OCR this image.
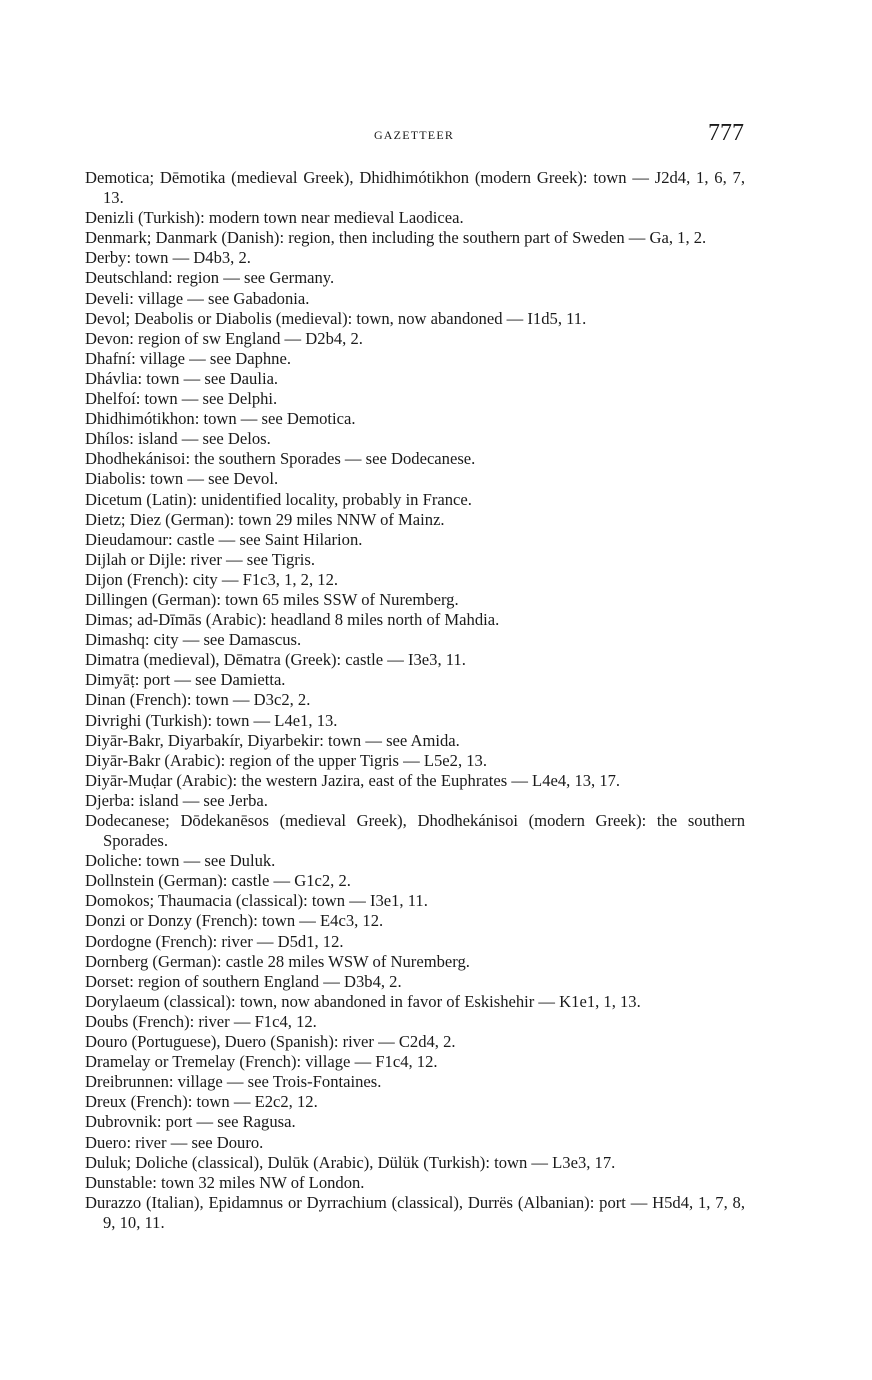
GAZETTEER	777
Demotica; Dēmotika (medieval Greek), Dhidhimótikhon (modern Greek): town — J2d4, 1, 6, 7, 13.
Denizli (Turkish): modern town near medieval Laodicea.
Denmark; Danmark (Danish): region, then including the southern part of Sweden — Ga, 1, 2.
Derby: town — D4b3, 2.
Deutschland: region — see Germany.
Develi: village — see Gabadonia.
Devol; Deabolis or Diabolis (medieval): town, now abandoned — I1d5, 11.
Devon: region of sw England — D2b4, 2.
Dhafní: village — see Daphne.
Dhávlia: town — see Daulia.
Dhelfoí: town — see Delphi.
Dhidhimótikhon: town — see Demotica.
Dhílos: island — see Delos.
Dhodhekánisoi: the southern Sporades — see Dodecanese.
Diabolis: town — see Devol.
Dicetum (Latin): unidentified locality, probably in France.
Dietz; Diez (German): town 29 miles NNW of Mainz.
Dieudamour: castle — see Saint Hilarion.
Dijlah or Dijle: river — see Tigris.
Dijon (French): city — F1c3, 1, 2, 12.
Dillingen (German): town 65 miles SSW of Nuremberg.
Dimas; ad-Dīmās (Arabic): headland 8 miles north of Mahdia.
Dimashq: city — see Damascus.
Dimatra (medieval), Dēmatra (Greek): castle — I3e3, 11.
Dimyāṭ: port — see Damietta.
Dinan (French): town — D3c2, 2.
Divrighi (Turkish): town — L4e1, 13.
Diyār-Bakr, Diyarbakír, Diyarbekir: town — see Amida.
Diyār-Bakr (Arabic): region of the upper Tigris — L5e2, 13.
Diyār-Muḍar (Arabic): the western Jazira, east of the Euphrates — L4e4, 13, 17.
Djerba: island — see Jerba.
Dodecanese; Dōdekanēsos (medieval Greek), Dhodhekánisoi (modern Greek): the southern Sporades.
Doliche: town — see Duluk.
Dollnstein (German): castle — G1c2, 2.
Domokos; Thaumacia (classical): town — I3e1, 11.
Donzi or Donzy (French): town — E4c3, 12.
Dordogne (French): river — D5d1, 12.
Dornberg (German): castle 28 miles WSW of Nuremberg.
Dorset: region of southern England — D3b4, 2.
Dorylaeum (classical): town, now abandoned in favor of Eskishehir — K1e1, 1, 13.
Doubs (French): river — F1c4, 12.
Douro (Portuguese), Duero (Spanish): river — C2d4, 2.
Dramelay or Tremelay (French): village — F1c4, 12.
Dreibrunnen: village — see Trois-Fontaines.
Dreux (French): town — E2c2, 12.
Dubrovnik: port — see Ragusa.
Duero: river — see Douro.
Duluk; Doliche (classical), Dulūk (Arabic), Dülük (Turkish): town — L3e3, 17.
Dunstable: town 32 miles NW of London.
Durazzo (Italian), Epidamnus or Dyrrachium (classical), Durrës (Albanian): port — H5d4, 1, 7, 8, 9, 10, 11.
